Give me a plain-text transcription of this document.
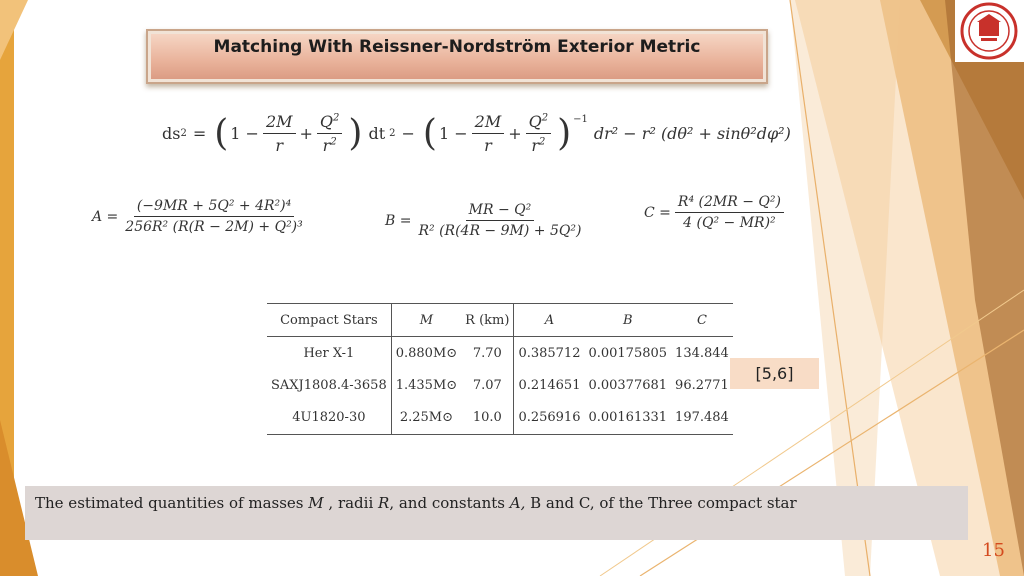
Matching With Reissner-Nordström Exterior Metric
ds 2 = ( $1 - \frac{2M}{r} + \frac{Q^2}{r^2}$ ) dt 2 − ( $1 - \frac{2M}{r} + \frac{Q^2}{r^2}$ ) −1
dr² − r² (dθ² + sinθ²dφ²)
$A = \frac{\text{(−9MR + 5Q² + 4R²)⁴}}{\text{256R² (R(R − 2M) + Q²)³}}$	$B = \frac{\text{MR − Q²}}{\text{R² (R(4R − 9M) + 5Q²)}}$	$C = \frac{\text{R⁴ (2MR − Q²)}}{\text{4 (Q² − MR)²}}$
Compact Stars	M	R (km)	A	B	C
Her X-1	0.880M⊙	7.70	0.385712	0.00175805	134.844
SAXJ1808.4-3658	1.435M⊙	7.07	0.214651	0.00377681	96.2771
4U1820-30	2.25M⊙	10.0	0.256916	0.00161331	197.484
[5,6]
The estimated quantities of masses M , radii R, and constants A, B and C, of the Three compact star
15
